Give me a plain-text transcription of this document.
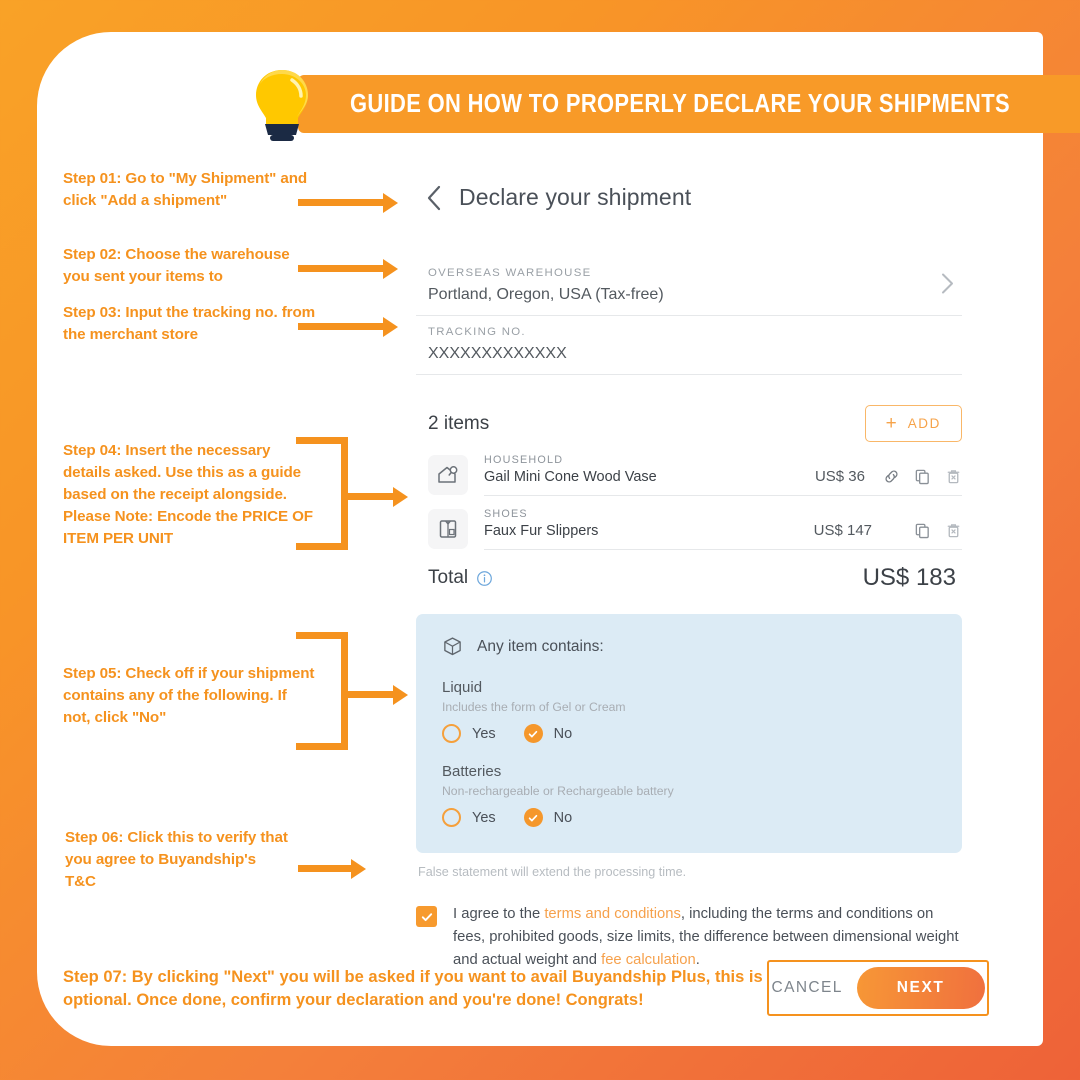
GUIDE ON HOW TO PROPERLY DECLARE YOUR SHIPMENTS
Step 01: Go to "My Shipment" and click "Add a shipment"
Step 02: Choose the warehouse you sent your items to
Step 03: Input the tracking no. from the merchant store
Step 04: Insert the necessary details asked. Use this as a guide based on the receipt alongside. Please Note: Encode the PRICE OF ITEM PER UNIT
Step 05: Check off if your shipment contains any of the following. If not, click "No"
Step 06: Click this to verify that you agree to Buyandship's T&C
Step 07: By clicking "Next" you will be asked if you want to avail Buyandship Plus, this is optional. Once done, confirm your declaration and you're done! Congrats!
Declare your shipment
OVERSEAS WAREHOUSE
Portland, Oregon, USA (Tax-free)
TRACKING NO.
XXXXXXXXXXXXX
2 items	+ ADD
HOUSEHOLD
Gail Mini Cone Wood Vase	US$ 36
SHOES
Faux Fur Slippers	US$ 147
Total	US$ 183
Any item contains:
Liquid
Includes the form of Gel or Cream
Yes	No
Batteries
Non-rechargeable or Rechargeable battery
Yes	No
False statement will extend the processing time.
I agree to the terms and conditions, including the terms and conditions on fees, prohibited goods, size limits, the difference between dimensional weight and actual weight and fee calculation.
CANCEL	NEXT
